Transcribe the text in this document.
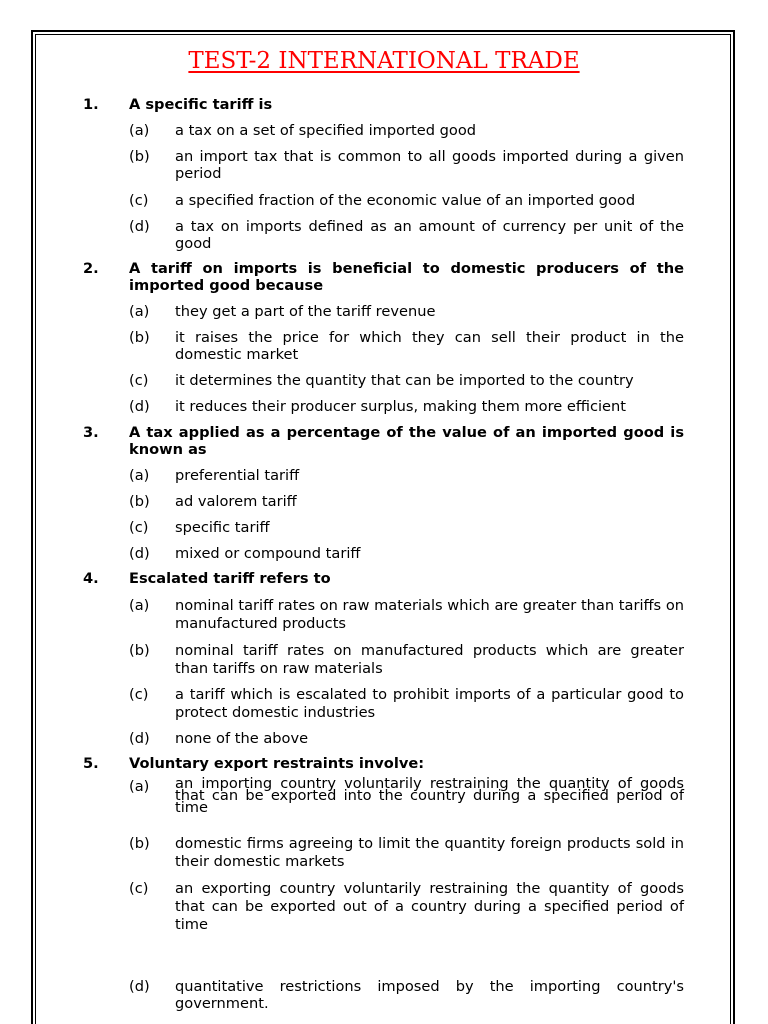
TEST-2 INTERNATIONAL TRADE
1. A specific tariff is
(a) a tax on a set of specified imported good
(b) an import tax that is common to all goods imported during a given period
(c) a specified fraction of the economic value of an imported good
(d) a tax on imports defined as an amount of currency per unit of the good
2. A tariff on imports is beneficial to domestic producers of the imported good because
(a) they get a part of the tariff revenue
(b) it raises the price for which they can sell their product in the domestic market
(c) it determines the quantity that can be imported to the country
(d) it reduces their producer surplus, making them more efficient
3. A tax applied as a percentage of the value of an imported good is known as
(a) preferential tariff
(b) ad valorem tariff
(c) specific tariff
(d) mixed or compound tariff
4. Escalated tariff refers to
(a) nominal tariff rates on raw materials which are greater than tariffs on manufactured products
(b) nominal tariff rates on manufactured products which are greater than tariffs on raw materials
(c) a tariff which is escalated to prohibit imports of a particular good to protect domestic industries
(d) none of the above
5. Voluntary export restraints involve:
(a) an importing country voluntarily restraining the quantity of goods that can be exported into the country during a specified period of time
(b) domestic firms agreeing to limit the quantity foreign products sold in their domestic markets
(c) an exporting country voluntarily restraining the quantity of goods that can be exported out of a country during a specified period of time
(d) quantitative restrictions imposed by the importing country's government.
